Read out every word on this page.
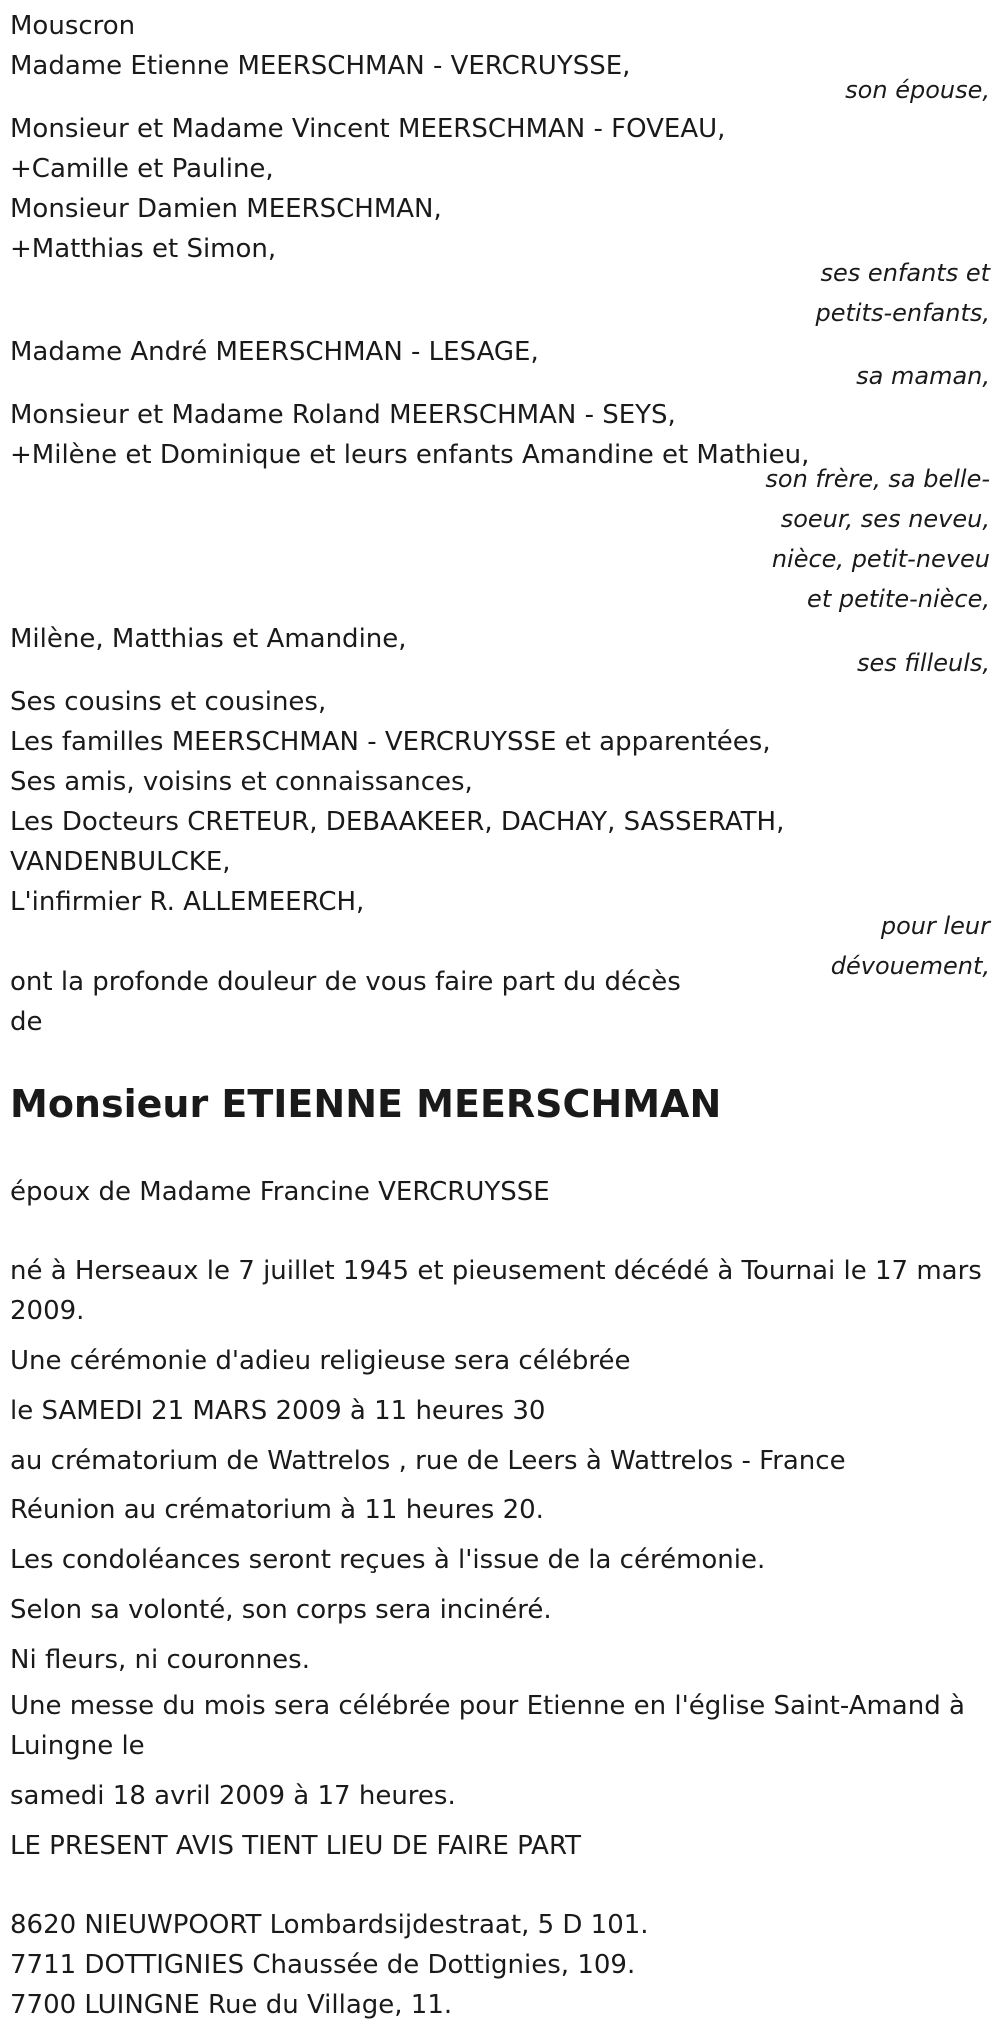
Mouscron
Madame Etienne MEERSCHMAN - VERCRUYSSE,
son épouse,
Monsieur et Madame Vincent MEERSCHMAN - FOVEAU,
+Camille et Pauline,
Monsieur Damien MEERSCHMAN,
+Matthias et Simon,
ses enfants et
petits-enfants,
Madame André MEERSCHMAN - LESAGE,
sa maman,
Monsieur et Madame Roland MEERSCHMAN - SEYS,
+Milène et Dominique et leurs enfants Amandine et Mathieu,
son frère, sa belle-
soeur, ses neveu,
nièce, petit-neveu
et petite-nièce,
Milène, Matthias et Amandine,
ses filleuls,
Ses cousins et cousines,
Les familles MEERSCHMAN - VERCRUYSSE et apparentées,
Ses amis, voisins et connaissances,
Les Docteurs CRETEUR, DEBAAKEER, DACHAY, SASSERATH,
VANDENBULCKE,
L'infirmier R. ALLEMEERCH,
pour leur
dévouement,
ont la profonde douleur de vous faire part du décès
de
Monsieur ETIENNE MEERSCHMAN
époux de Madame Francine VERCRUYSSE
né à Herseaux le 7 juillet 1945 et pieusement décédé à Tournai le 17 mars
2009.
Une cérémonie d'adieu religieuse sera célébrée
le SAMEDI 21 MARS 2009 à 11 heures 30
au crématorium de Wattrelos , rue de Leers à Wattrelos - France
Réunion au crématorium à 11 heures 20.
Les condoléances seront reçues à l'issue de la cérémonie.
Selon sa volonté, son corps sera incinéré.
Ni fleurs, ni couronnes.
Une messe du mois sera célébrée pour Etienne en l'église Saint-Amand à
Luingne le
samedi 18 avril 2009 à 17 heures.
LE PRESENT AVIS TIENT LIEU DE FAIRE PART
8620 NIEUWPOORT Lombardsijdestraat, 5 D 101.
7711 DOTTIGNIES Chaussée de Dottignies, 109.
7700 LUINGNE Rue du Village, 11.
